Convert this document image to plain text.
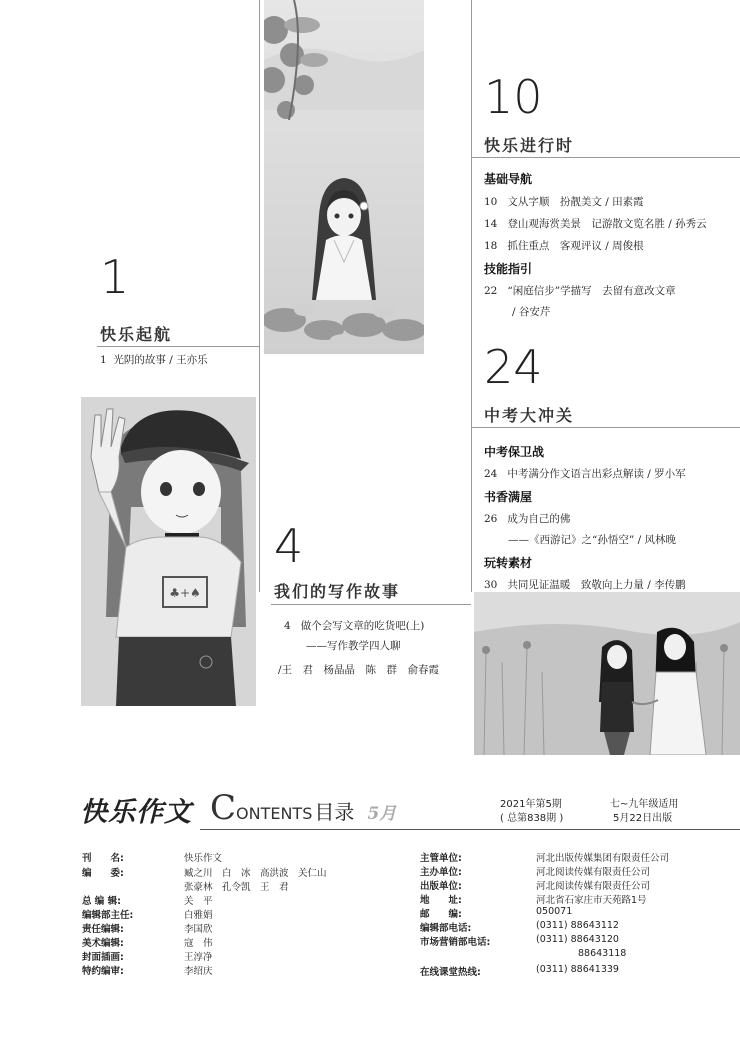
♣+♠
1
快乐起航
1 光阴的故事 / 王亦乐
4
我们的写作故事
4 做个会写文章的吃货吧(上)
——写作教学四人聊
/王　君　杨晶晶　陈　群　俞春霞
10
快乐进行时
基础导航
10 文从字顺　扮靓美文 / 田素霞
14 登山观海赏美景　记游散文览名胜 / 孙秀云
18 抓住重点　客观评议 / 周俊根
技能指引
22 “闲庭信步”学描写　去留有意改文章
/ 谷安芹
24
中考大冲关
中考保卫战
24 中考满分作文语言出彩点解读 / 罗小军
书香满屋
26 成为自己的佛
——《西游记》之“孙悟空” / 风林晚
玩转素材
30 共同见证温暖　致敬向上力量 / 李传鹏
快乐作文 CONTENTS 目录 5月	2021年第5期
( 总第838期 )
七~九年级适用
5月22日出版
刊　　名:	快乐作文
编　　委:	臧之川　白　冰　高洪波　关仁山
张豪林　孔令凯　王　君
总 编 辑:	关　平
编辑部主任:	白雅娟
责任编辑:	李国欣
美术编辑:	寇　伟
封面插画:	王淳净
特约编审:	李绍庆
主管单位:	河北出版传媒集团有限责任公司
主办单位:	河北阅读传媒有限责任公司
出版单位:	河北阅读传媒有限责任公司
地　　址:	河北省石家庄市天苑路1号
邮　　编:	050071
编辑部电话:	(0311) 88643112
市场营销部电话:	(0311) 88643120
88643118
在线课堂热线:	(0311) 88641339
